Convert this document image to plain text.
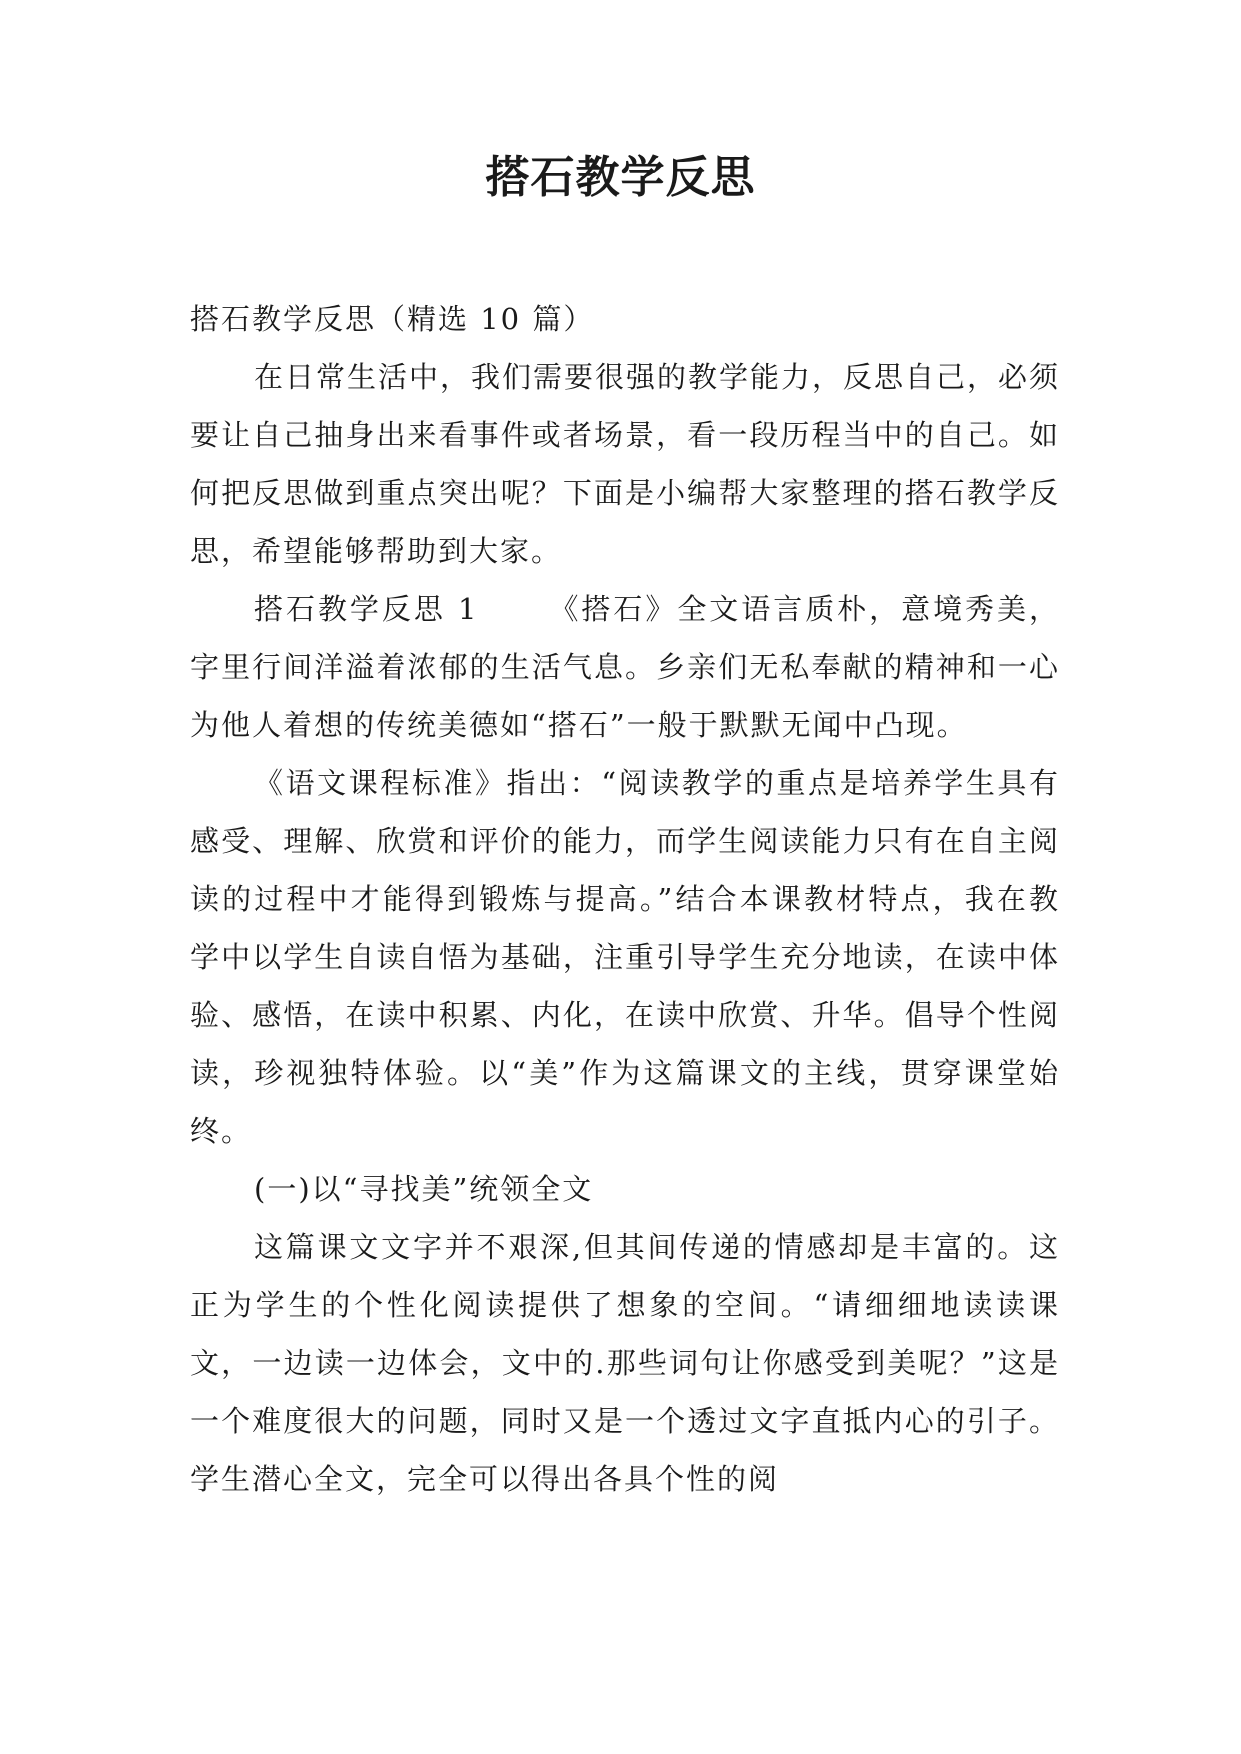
搭石教学反思

搭石教学反思（精选 10 篇）

在日常生活中，我们需要很强的教学能力，反思自己，必须要让自己抽身出来看事件或者场景，看一段历程当中的自己。如何把反思做到重点突出呢？下面是小编帮大家整理的搭石教学反思，希望能够帮助到大家。

搭石教学反思 1 《搭石》全文语言质朴，意境秀美，字里行间洋溢着浓郁的生活气息。乡亲们无私奉献的精神和一心为他人着想的传统美德如“搭石”一般于默默无闻中凸现。

《语文课程标准》指出：“阅读教学的重点是培养学生具有感受、理解、欣赏和评价的能力，而学生阅读能力只有在自主阅读的过程中才能得到锻炼与提高。”结合本课教材特点，我在教学中以学生自读自悟为基础，注重引导学生充分地读，在读中体验、感悟，在读中积累、内化，在读中欣赏、升华。倡导个性阅读，珍视独特体验。以“美”作为这篇课文的主线，贯穿课堂始终。

(一)以“寻找美”统领全文

这篇课文文字并不艰深,但其间传递的情感却是丰富的。这正为学生的个性化阅读提供了想象的空间。“请细细地读读课文，一边读一边体会，文中的.那些词句让你感受到美呢？”这是一个难度很大的问题，同时又是一个透过文字直抵内心的引子。学生潜心全文，完全可以得出各具个性的阅
